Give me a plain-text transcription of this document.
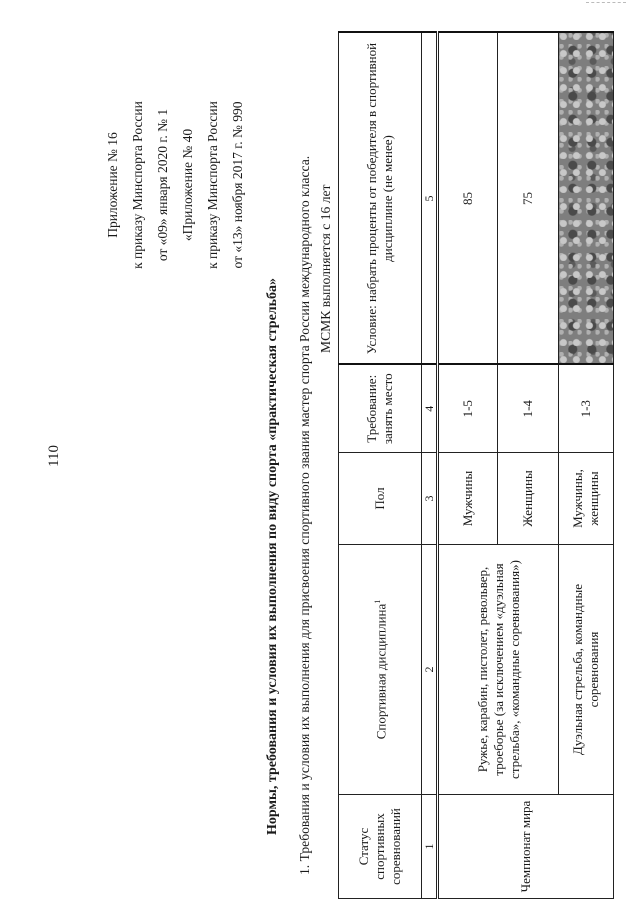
110
Приложение № 16 к приказу Минспорта России от «09» января 2020 г. № 1 «Приложение № 40 к приказу Минспорта России от «13» ноября 2017 г. № 990
Нормы, требования и условия их выполнения по виду спорта «практическая стрельба» 1. Требования и условия их выполнения для присвоения спортивного звания мастер спорта России международного класса. МСМК выполняется с 16 лет
Статус спортивных соревнований	Спортивная дисциплина$^1$	Пол	Требование: занять место	Условие: набрать проценты от победителя в спортивной дисциплине (не менее)
1	2	3	4	5
Чемпионат мира	Ружье, карабин, пистолет, револьвер, троеборье (за исключением «дуэльная стрельба», «командные соревнования»)	Мужчины	1-5	85
		Женщины	1-4	75
	Дуэльная стрельба, командные соревнования	Мужчины, женщины	1-3	
